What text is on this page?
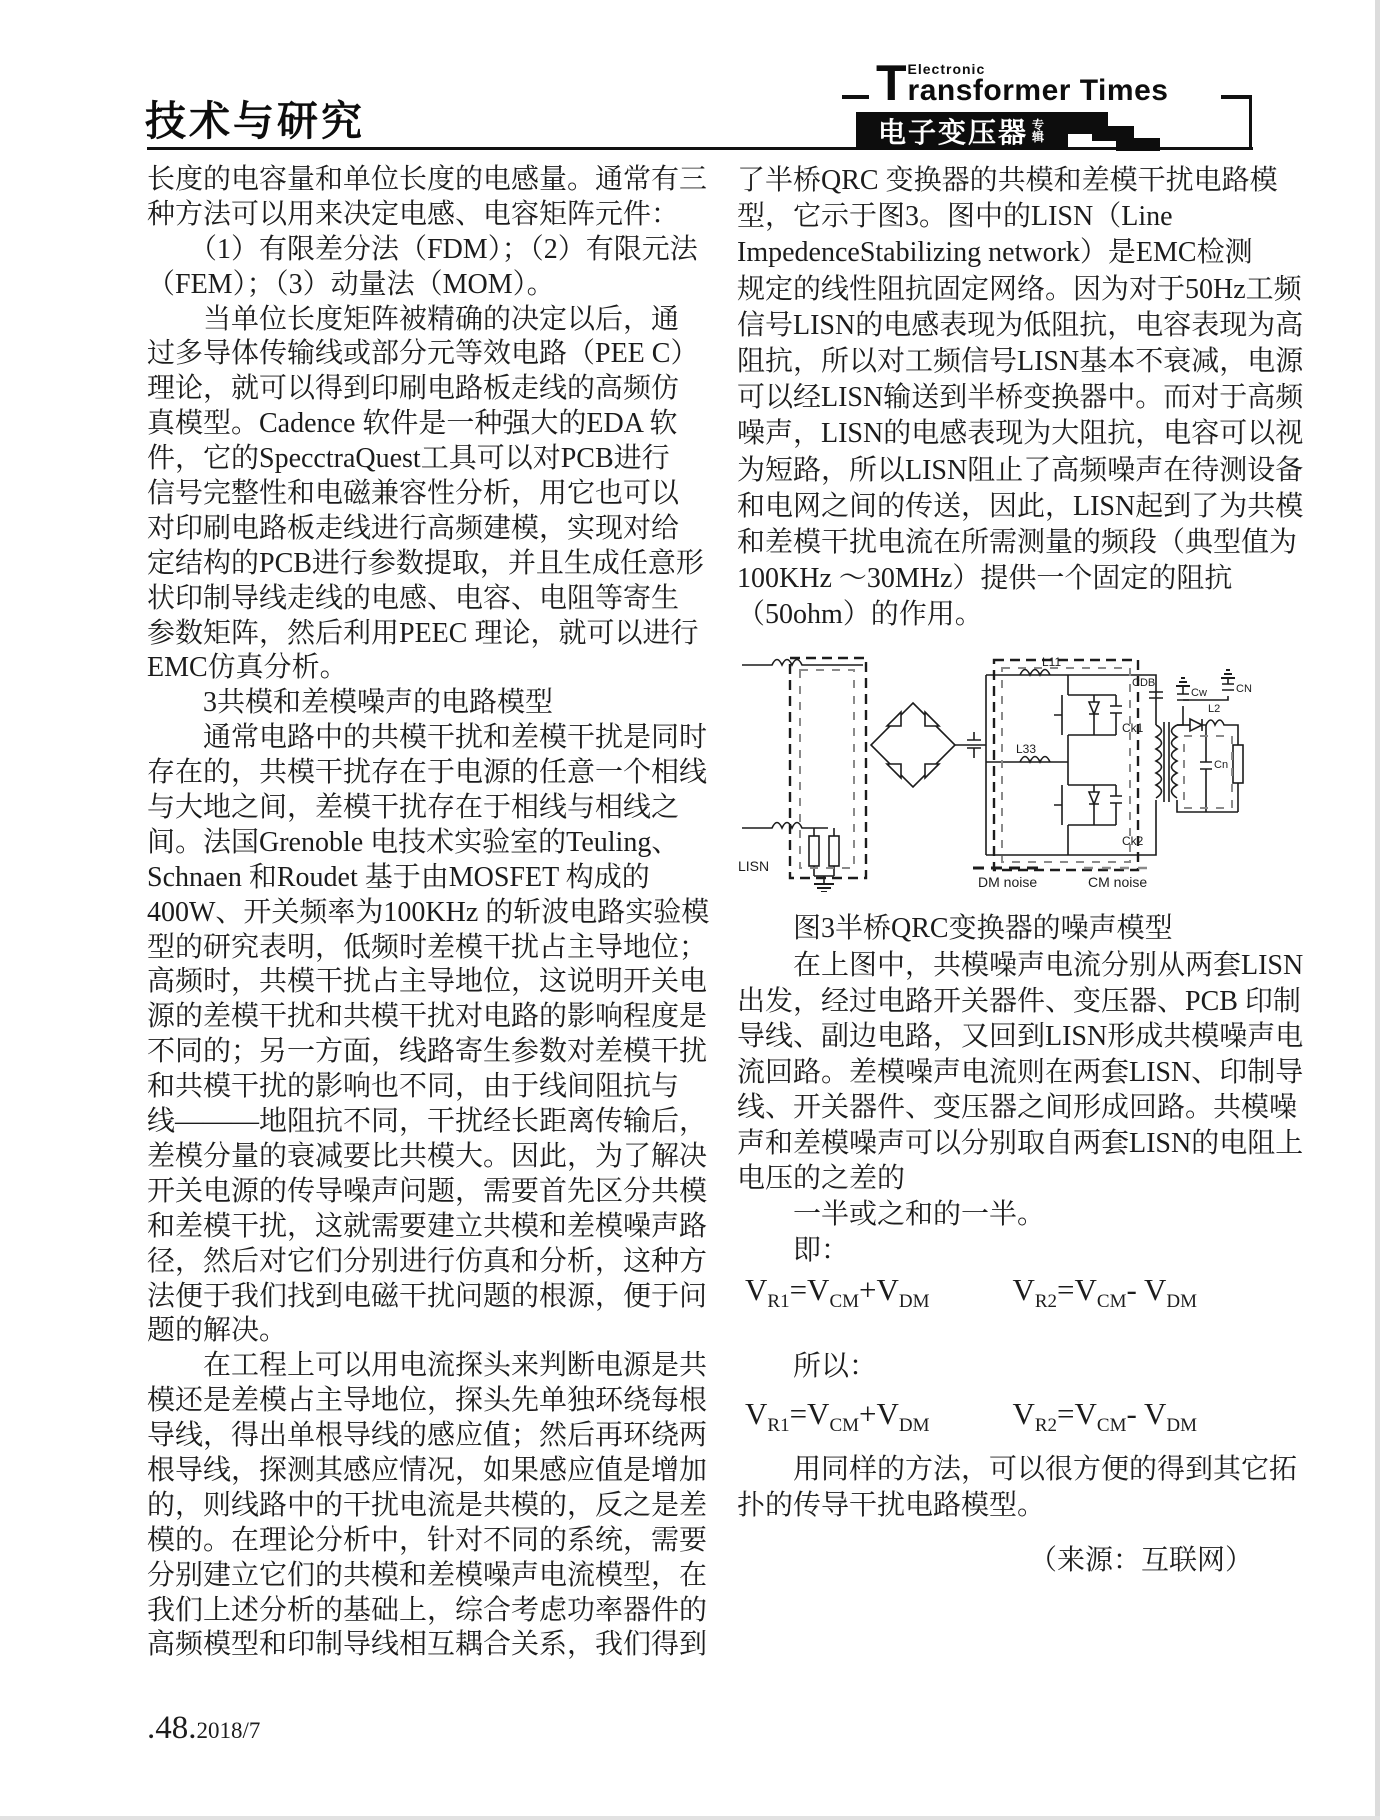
技术与研究	电子变压器 专辑
T Electronic
ransformer Times
长度的电容量和单位长度的电感量。通常有三
种方法可以用来决定电感、电容矩阵元件：
　　（1）有限差分法（FDM）；（2）有限元法
（FEM）；（3）动量法（MOM）。
　　当单位长度矩阵被精确的决定以后，通
过多导体传输线或部分元等效电路（PEE C）
理论，就可以得到印刷电路板走线的高频仿
真模型。Cadence 软件是一种强大的EDA 软
件，它的SpecctraQuest工具可以对PCB进行
信号完整性和电磁兼容性分析，用它也可以
对印刷电路板走线进行高频建模，实现对给
定结构的PCB进行参数提取，并且生成任意形
状印制导线走线的电感、电容、电阻等寄生
参数矩阵，然后利用PEEC 理论，就可以进行
EMC仿真分析。
　　3共模和差模噪声的电路模型
　　通常电路中的共模干扰和差模干扰是同时
存在的，共模干扰存在于电源的任意一个相线
与大地之间，差模干扰存在于相线与相线之
间。法国Grenoble 电技术实验室的Teuling、
Schnaen 和Roudet 基于由MOSFET 构成的
400W、开关频率为100KHz 的斩波电路实验模
型的研究表明，低频时差模干扰占主导地位；
高频时，共模干扰占主导地位，这说明开关电
源的差模干扰和共模干扰对电路的影响程度是
不同的；另一方面，线路寄生参数对差模干扰
和共模干扰的影响也不同，由于线间阻抗与
线———地阻抗不同，干扰经长距离传输后，
差模分量的衰减要比共模大。因此，为了解决
开关电源的传导噪声问题，需要首先区分共模
和差模干扰，这就需要建立共模和差模噪声路
径，然后对它们分别进行仿真和分析，这种方
法便于我们找到电磁干扰问题的根源，便于问
题的解决。
　　在工程上可以用电流探头来判断电源是共
模还是差模占主导地位，探头先单独环绕每根
导线，得出单根导线的感应值；然后再环绕两
根导线，探测其感应情况，如果感应值是增加
的，则线路中的干扰电流是共模的，反之是差
模的。在理论分析中，针对不同的系统，需要
分别建立它们的共模和差模噪声电流模型，在
我们上述分析的基础上，综合考虑功率器件的
高频模型和印制导线相互耦合关系，我们得到
了半桥QRC 变换器的共模和差模干扰电路模
型，它示于图3。图中的LISN（Line
ImpedenceStabilizing network）是EMC检测
规定的线性阻抗固定网络。因为对于50Hz工频
信号LISN的电感表现为低阻抗，电容表现为高
阻抗，所以对工频信号LISN基本不衰减，电源
可以经LISN输送到半桥变换器中。而对于高频
噪声，LISN的电感表现为大阻抗，电容可以视
为短路，所以LISN阻止了高频噪声在待测设备
和电网之间的传送，因此，LISN起到了为共模
和差模干扰电流在所需测量的频段（典型值为
100KHz ～30MHz）提供一个固定的阻抗
（50ohm）的作用。
LISN
L11
L33
Ck1
Ck2
CDB
Cw	CN
L2
Cn
DM noise	CM noise
　　图3半桥QRC变换器的噪声模型
　　在上图中，共模噪声电流分别从两套LISN
出发，经过电路开关器件、变压器、PCB 印制
导线、副边电路，又回到LISN形成共模噪声电
流回路。差模噪声电流则在两套LISN、印制导
线、开关器件、变压器之间形成回路。共模噪
声和差模噪声可以分别取自两套LISN的电阻上
电压的之差的
　　一半或之和的一半。
　　即：
$V_{R1}=V_{CM}+V_{DM}$	$V_{R2}=V_{CM}-$ $V_{DM}$
　　所以：
$V_{R1}=V_{CM}+V_{DM}$	$V_{R2}=V_{CM}-$ $V_{DM}$
　　用同样的方法，可以很方便的得到其它拓
扑的传导干扰电路模型。
（来源：互联网）
.48.2018/7
